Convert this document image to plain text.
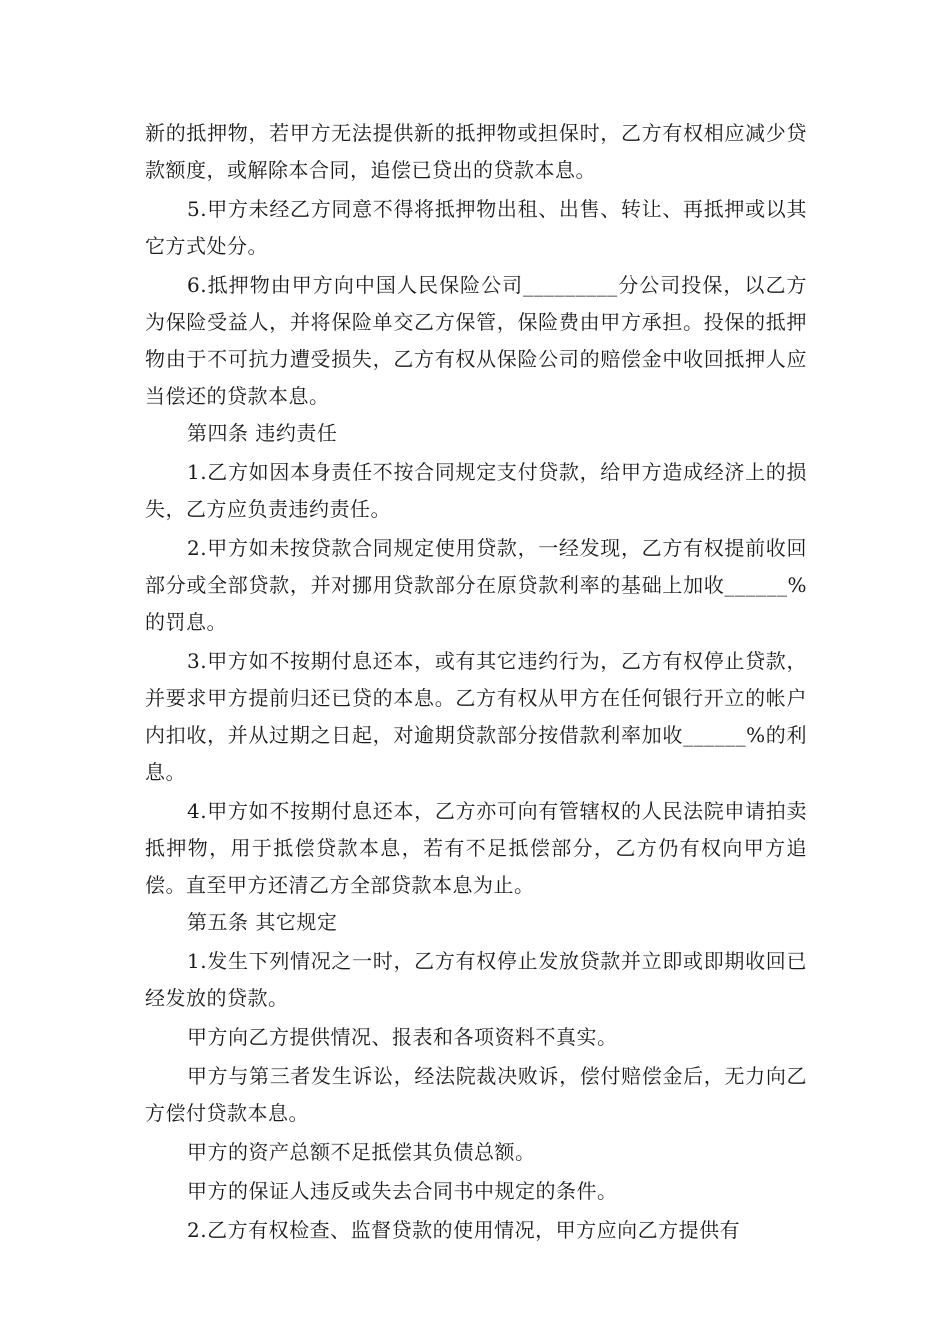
新的抵押物，若甲方无法提供新的抵押物或担保时，乙方有权相应减少贷款额度，或解除本合同，追偿已贷出的贷款本息。

5.甲方未经乙方同意不得将抵押物出租、出售、转让、再抵押或以其它方式处分。

6.抵押物由甲方向中国人民保险公司_________分公司投保，以乙方为保险受益人，并将保险单交乙方保管，保险费由甲方承担。投保的抵押物由于不可抗力遭受损失，乙方有权从保险公司的赔偿金中收回抵押人应当偿还的贷款本息。

第四条 违约责任

1.乙方如因本身责任不按合同规定支付贷款，给甲方造成经济上的损失，乙方应负责违约责任。

2.甲方如未按贷款合同规定使用贷款，一经发现，乙方有权提前收回部分或全部贷款，并对挪用贷款部分在原贷款利率的基础上加收______%的罚息。

3.甲方如不按期付息还本，或有其它违约行为，乙方有权停止贷款，并要求甲方提前归还已贷的本息。乙方有权从甲方在任何银行开立的帐户内扣收，并从过期之日起，对逾期贷款部分按借款利率加收______%的利息。

4.甲方如不按期付息还本，乙方亦可向有管辖权的人民法院申请拍卖抵押物，用于抵偿贷款本息，若有不足抵偿部分，乙方仍有权向甲方追偿。直至甲方还清乙方全部贷款本息为止。

第五条 其它规定

1.发生下列情况之一时，乙方有权停止发放贷款并立即或即期收回已经发放的贷款。

甲方向乙方提供情况、报表和各项资料不真实。

甲方与第三者发生诉讼，经法院裁决败诉，偿付赔偿金后，无力向乙方偿付贷款本息。

甲方的资产总额不足抵偿其负债总额。

甲方的保证人违反或失去合同书中规定的条件。

2.乙方有权检查、监督贷款的使用情况，甲方应向乙方提供有
